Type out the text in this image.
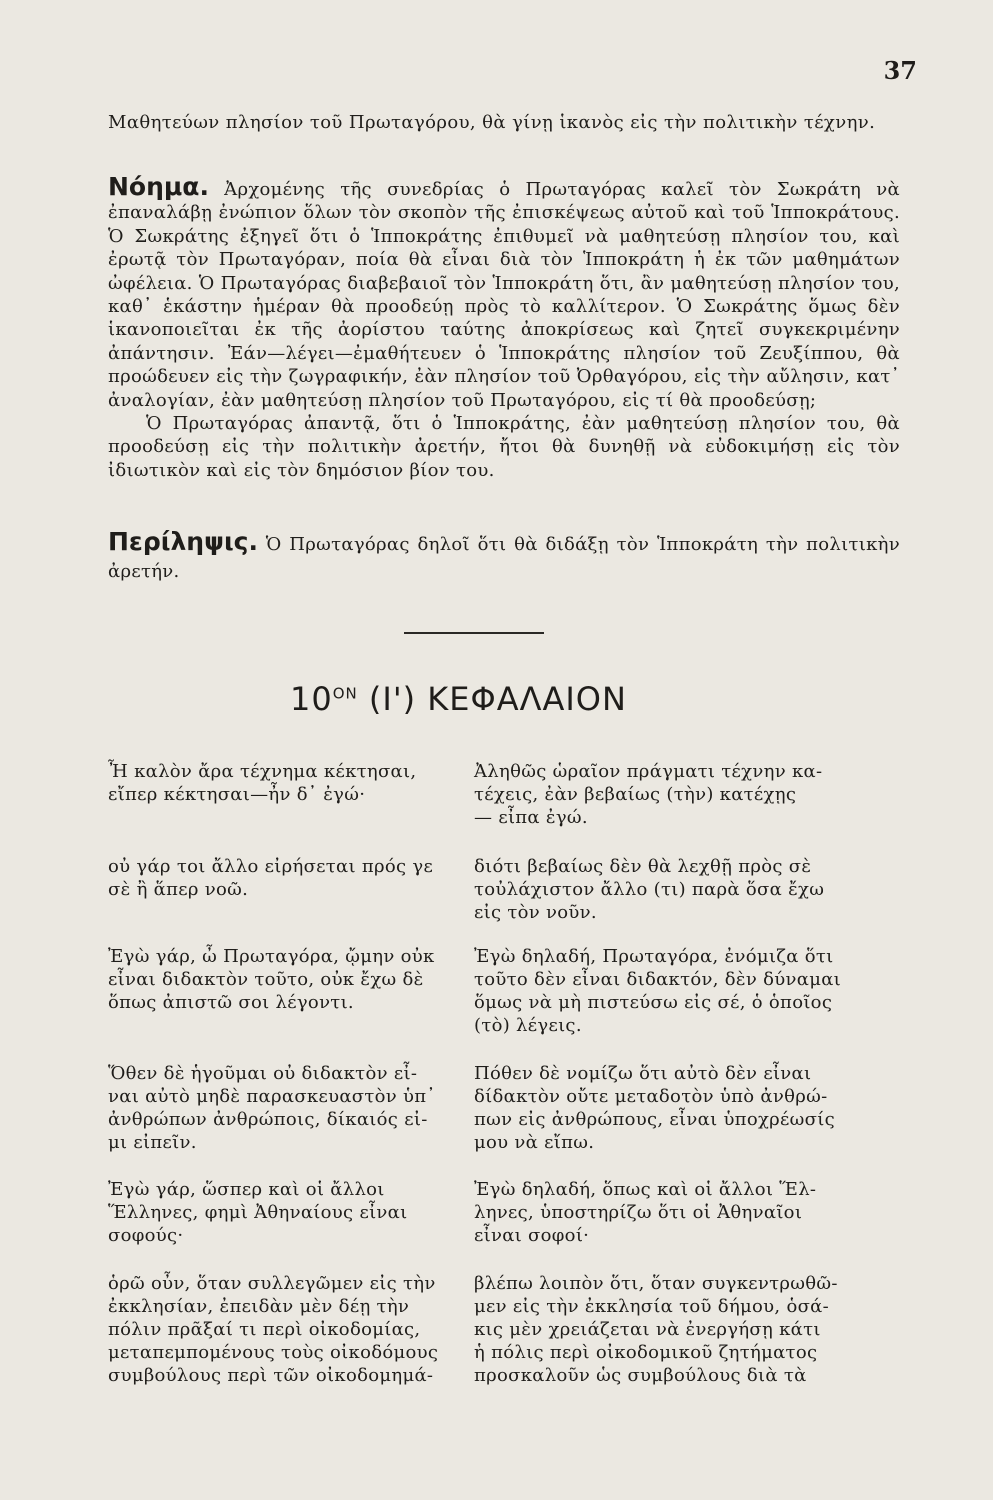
37
Μαθητεύων πλησίον τοῦ Πρωταγόρου, θὰ γίνῃ ἱκανὸς εἰς τὴν πολιτικὴν τέχνην.
Νόημα. Ἀρχομένης τῆς συνεδρίας ὁ Πρωταγόρας καλεῖ τὸν Σωκράτη νὰ ἐπαναλάβῃ ἐνώπιον ὅλων τὸν σκοπὸν τῆς ἐπισκέψεως αὐτοῦ καὶ τοῦ Ἱπποκράτους. Ὁ Σωκράτης ἐξηγεῖ ὅτι ὁ Ἱπποκράτης ἐπιθυμεῖ νὰ μαθητεύσῃ πλησίον του, καὶ ἐρωτᾷ τὸν Πρωταγόραν, ποία θὰ εἶναι διὰ τὸν Ἱπποκράτη ἡ ἐκ τῶν μαθημάτων ὠφέλεια. Ὁ Πρωταγόρας διαβεβαιοῖ τὸν Ἱπποκράτη ὅτι, ἂν μαθητεύσῃ πλησίον του, καθ᾽ ἑκάστην ἡμέραν θὰ προοδεύῃ πρὸς τὸ καλλίτερον. Ὁ Σωκράτης ὅμως δὲν ἱκανοποιεῖται ἐκ τῆς ἀορίστου ταύτης ἀποκρίσεως καὶ ζητεῖ συγκεκριμένην ἀπάντησιν. Ἐάν—λέγει—ἐμαθήτευεν ὁ Ἱπποκράτης πλησίον τοῦ Ζευξίππου, θὰ προώδευεν εἰς τὴν ζωγραφικήν, ἐὰν πλησίον τοῦ Ὀρθαγόρου, εἰς τὴν αὔλησιν, κατ᾽ ἀναλογίαν, ἐὰν μαθητεύσῃ πλησίον τοῦ Πρωταγόρου, εἰς τί θὰ προοδεύσῃ;
Ὁ Πρωταγόρας ἀπαντᾷ, ὅτι ὁ Ἱπποκράτης, ἐὰν μαθητεύσῃ πλησίον του, θὰ προοδεύσῃ εἰς τὴν πολιτικὴν ἀρετήν, ἤτοι θὰ δυνηθῇ νὰ εὐδοκιμήσῃ εἰς τὸν ἰδιωτικὸν καὶ εἰς τὸν δημόσιον βίον του.
Περίληψις. Ὁ Πρωταγόρας δηλοῖ ὅτι θὰ διδάξῃ τὸν Ἱπποκράτη τὴν πολιτικὴν ἀρετήν.
$10^{ON}$ (Ι') ΚΕΦΑΛΑΙΟΝ
Ἦ καλὸν ἄρα τέχνημα κέκτησαι,
εἴπερ κέκτησαι—ἦν δ᾽ ἐγώ·
Ἀληθῶς ὡραῖον πράγματι τέχνην κα-
τέχεις, ἐὰν βεβαίως (τὴν) κατέχῃς
— εἶπα ἐγώ.
οὐ γάρ τοι ἄλλο εἰρήσεται πρός γε
σὲ ἢ ἅπερ νοῶ.
διότι βεβαίως δὲν θὰ λεχθῇ πρὸς σὲ
τοὐλάχιστον ἄλλο (τι) παρὰ ὅσα ἔχω
εἰς τὸν νοῦν.
Ἐγὼ γάρ, ὦ Πρωταγόρα, ᾤμην οὐκ
εἶναι διδακτὸν τοῦτο, οὐκ ἔχω δὲ
ὅπως ἀπιστῶ σοι λέγοντι.
Ἐγὼ δηλαδή, Πρωταγόρα, ἐνόμιζα ὅτι
τοῦτο δὲν εἶναι διδακτόν, δὲν δύναμαι
ὅμως νὰ μὴ πιστεύσω εἰς σέ, ὁ ὁποῖος
(τὸ) λέγεις.
Ὅθεν δὲ ἡγοῦμαι οὐ διδακτὸν εἶ-
ναι αὐτὸ μηδὲ παρασκευαστὸν ὑπ᾽
ἀνθρώπων ἀνθρώποις, δίκαιός εἰ-
μι εἰπεῖν.
Πόθεν δὲ νομίζω ὅτι αὐτὸ δὲν εἶναι
δίδακτὸν οὔτε μεταδοτὸν ὑπὸ ἀνθρώ-
πων εἰς ἀνθρώπους, εἶναι ὑποχρέωσίς
μου νὰ εἴπω.
Ἐγὼ γάρ, ὥσπερ καὶ οἱ ἄλλοι
Ἕλληνες, φημὶ Ἀθηναίους εἶναι
σοφούς·
Ἐγὼ δηλαδή, ὅπως καὶ οἱ ἄλλοι Ἕλ-
ληνες, ὑποστηρίζω ὅτι οἱ Ἀθηναῖοι
εἶναι σοφοί·
ὁρῶ οὖν, ὅταν συλλεγῶμεν εἰς τὴν
ἐκκλησίαν, ἐπειδὰν μὲν δέῃ τὴν
πόλιν πρᾶξαί τι περὶ οἰκοδομίας,
μεταπεμπομένους τοὺς οἰκοδόμους
συμβούλους περὶ τῶν οἰκοδομημά-
βλέπω λοιπὸν ὅτι, ὅταν συγκεντρωθῶ-
μεν εἰς τὴν ἐκκλησία τοῦ δήμου, ὁσά-
κις μὲν χρειάζεται νὰ ἐνεργήσῃ κάτι
ἡ πόλις περὶ οἰκοδομικοῦ ζητήματος
προσκαλοῦν ὡς συμβούλους διὰ τὰ
